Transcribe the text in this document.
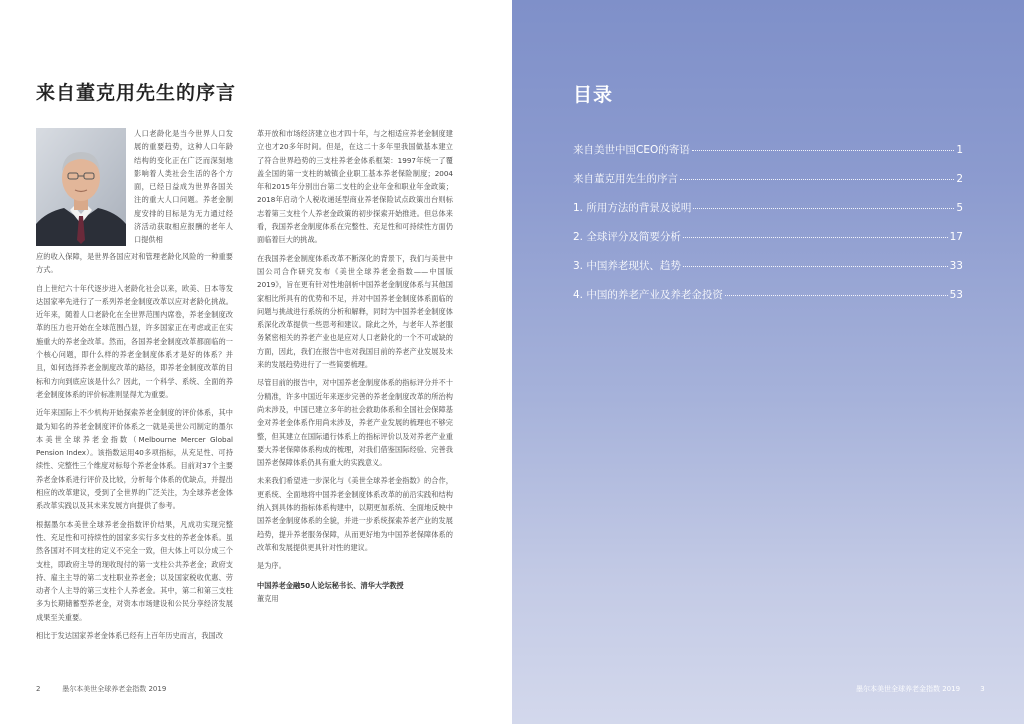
来自董克用先生的序言

人口老龄化是当今世界人口发展的重要趋势，这种人口年龄结构的变化正在广泛而深刻地影响着人类社会生活的各个方面，已经日益成为世界各国关注的重大人口问题。养老金制度安排的目标是为无力通过经济活动获取相应报酬的老年人口提供相

应的收入保障，是世界各国应对和管理老龄化风险的一种重要方式。

自上世纪六十年代逐步进入老龄化社会以来，欧美、日本等发达国家率先进行了一系列养老金制度改革以应对老龄化挑战。近年来，随着人口老龄化在全世界范围内席卷，养老金制度改革的压力也开始在全球范围凸显，许多国家正在考虑或正在实施重大的养老金改革。然而，各国养老金制度改革都面临的一个核心问题，即什么样的养老金制度体系才是好的体系？并且，如何选择养老金制度改革的路径，即养老金制度改革的目标和方向到底应该是什么？因此，一个科学、系统、全面的养老金制度体系的评价标准则显得尤为重要。

近年来国际上不少机构开始探索养老金制度的评价体系，其中最为知名的养老金制度评价体系之一就是美世公司制定的墨尔本美世全球养老金指数（Melbourne Mercer Global Pension Index）。该指数运用40多项指标，从充足性、可持续性、完整性三个维度对标每个养老金体系。目前对37个主要养老金体系进行评价及比较，分析每个体系的优缺点，并提出相应的改革建议，受到了全世界的广泛关注，为全球养老金体系改革实践以及其未来发展方向提供了参考。

根据墨尔本美世全球养老金指数评价结果，凡成功实现完整性、充足性和可持续性的国家多实行多支柱的养老金体系。虽然各国对不同支柱的定义不完全一致，但大体上可以分成三个支柱，即政府主导的现收现付的第一支柱公共养老金；政府支持、雇主主导的第二支柱职业养老金；以及国家税收优惠、劳动者个人主导的第三支柱个人养老金。其中，第二和第三支柱多为长期储蓄型养老金，对资本市场建设和公民分享经济发展成果至关重要。

相比于发达国家养老金体系已经有上百年历史而言，我国改

革开放和市场经济建立也才四十年，与之相适应养老金制度建立也才20多年时间。但是，在这二十多年里我国做基本建立了符合世界趋势的三支柱养老金体系框架：1997年统一了覆盖全国的第一支柱的城镇企业职工基本养老保险制度；2004年和2015年分别出台第二支柱的企业年金和职业年金政策；2018年启动个人税收递延型商业养老保险试点政策出台则标志着第三支柱个人养老金政策的初步探索开始推进。但总体来看，我国养老金制度体系在完整性、充足性和可持续性方面仍面临着巨大的挑战。

在我国养老金制度体系改革不断深化的背景下，我们与美世中国公司合作研究发布《美世全球养老金指数——中国版2019》，旨在更有针对性地剖析中国养老金制度体系与其他国家相比所具有的优势和不足，并对中国养老金制度体系面临的问题与挑战进行系统的分析和解释，同时为中国养老金制度体系深化改革提供一些思考和建议。除此之外，与老年人养老服务紧密相关的养老产业也是应对人口老龄化的一个不可或缺的方面，因此，我们在报告中也对我国目前的养老产业发展及未来的发展趋势进行了一些简要梳理。

尽管目前的报告中，对中国养老金制度体系的指标评分并不十分精准，许多中国近年来逐步完善的养老金制度改革的所治构尚未涉及，中国已建立多年的社会救助体系和全国社会保障基金对养老金体系作用尚未涉及，养老产业发展的梳理也不够完整，但其建立在国际通行体系上的指标评价以及对养老产业重要大养老保障体系构成的梳理，对我们借鉴国际经验、完善我国养老保障体系仍具有重大的实践意义。

未来我们希望进一步深化与《美世全球养老金指数》的合作，更系统、全面地将中国养老金制度体系改革的前沿实践和结构纳入到具体的指标体系构建中，以期更加系统、全面地反映中国养老金制度体系的全貌，并进一步系统探索养老产业的发展趋势，提升养老服务保障，从而更好地为中国养老保障体系的改革和发展提供更具针对性的建议。

是为序。

中国养老金融50人论坛秘书长、清华大学教授

董克用

2	墨尔本美世全球养老金指数 2019
目录
来自美世中国CEO的寄语	1
来自董克用先生的序言	2
1. 所用方法的背景及说明	5
2. 全球评分及简要分析	17
3. 中国养老现状、趋势	33
4. 中国的养老产业及养老金投资	53
墨尔本美世全球养老金指数 2019	3
